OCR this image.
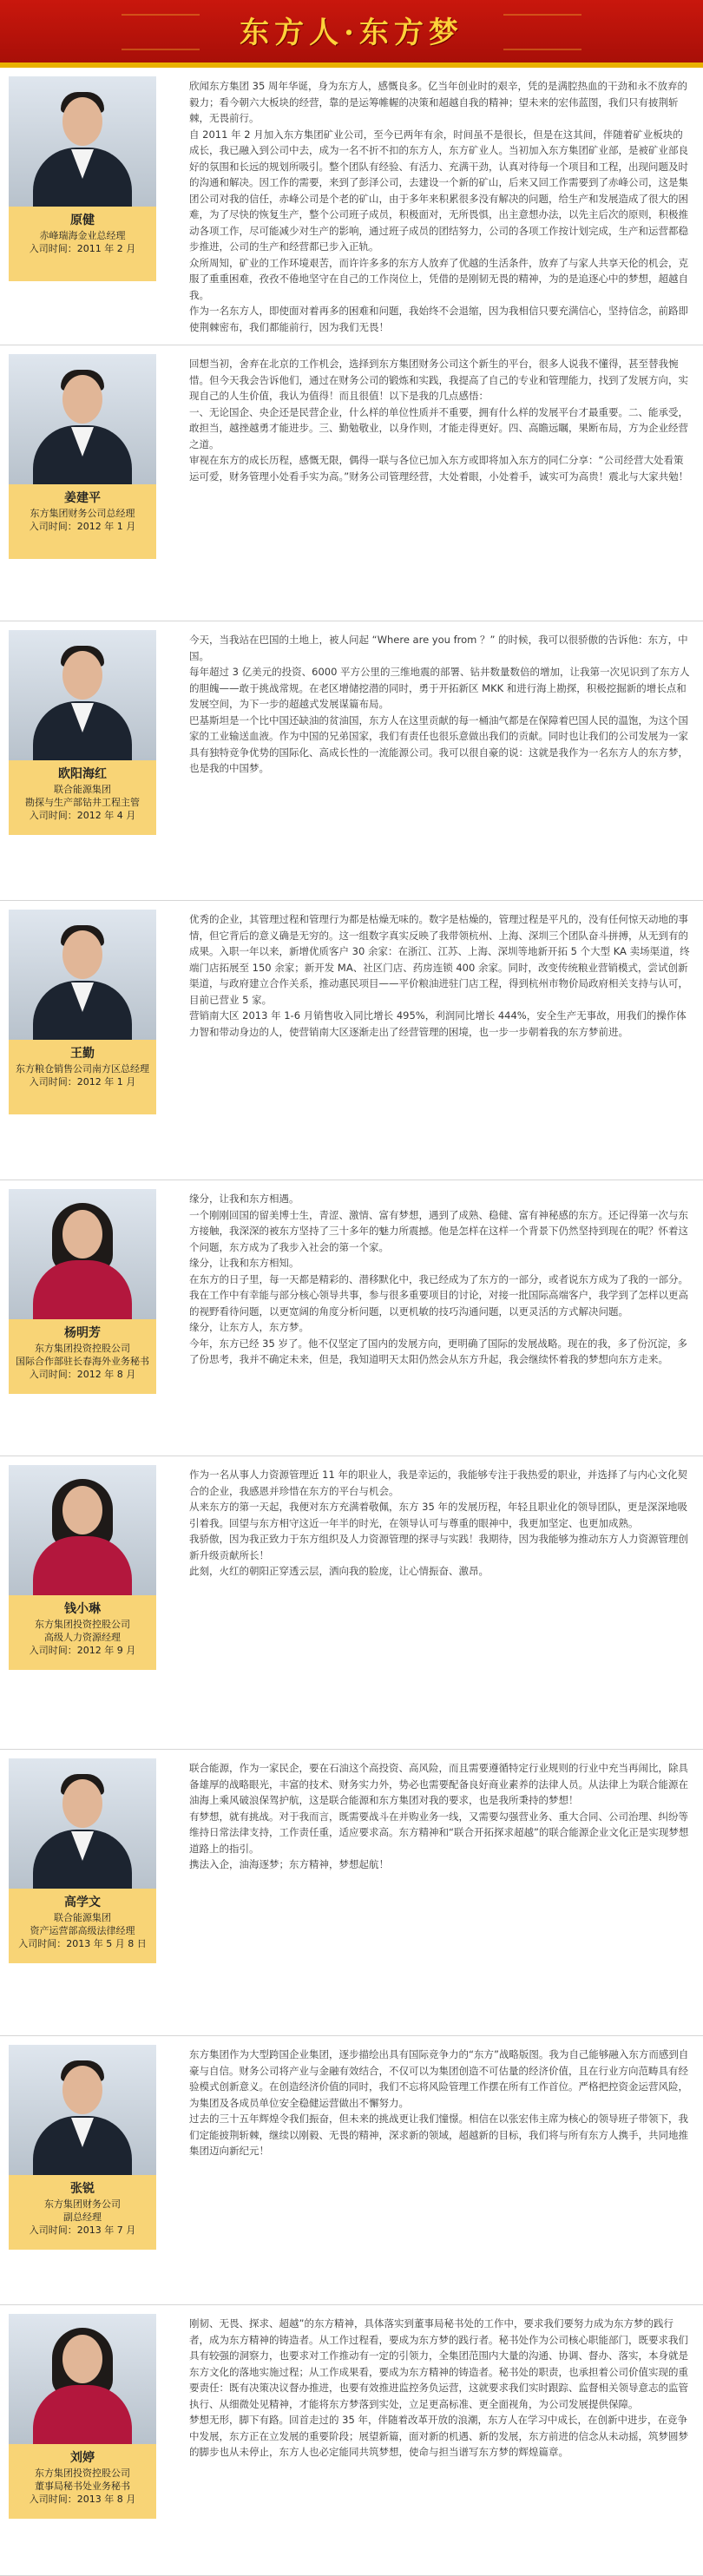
东方人·东方梦
原健
赤峰瑞海金业总经理
入司时间：2011 年 2 月

欣闻东方集团 35 周年华诞，身为东方人，感慨良多。亿当年创业时的艰辛，凭的是满腔热血的干劲和永不放弃的毅力；看今朝六大板块的经营，靠的是运筹帷幄的决策和超越自我的精神；望未来的宏伟蓝图，我们只有披荆斩棘，无畏前行。

自 2011 年 2 月加入东方集团矿业公司，至今已两年有余，时间虽不是很长，但是在这其间，伴随着矿业板块的成长，我已融入到公司中去，成为一名不折不扣的东方人，东方矿业人。当初加入东方集团矿业部，是被矿业部良好的氛围和长远的规划所吸引。整个团队有经验、有活力、充满干劲，认真对待每一个项目和工程，出现问题及时的沟通和解决。因工作的需要，来到了彭泽公司，去建设一个新的矿山，后来又回工作需要到了赤峰公司，这是集团公司对我的信任，赤峰公司是个老的矿山，由于多年来积累很多没有解决的问题，给生产和发展造成了很大的困难，为了尽快的恢复生产，整个公司班子成员，积极面对，无所畏惧，出主意想办法，以先主后次的原则，积极推动各项工作，尽可能减少对生产的影响，通过班子成员的团结努力，公司的各项工作按计划完成，生产和运营都稳步推进，公司的生产和经营都已步入正轨。

众所周知，矿业的工作环境艰苦，而许许多多的东方人放弃了优越的生活条件，放弃了与家人共享天伦的机会，克服了重重困难，孜孜不倦地坚守在自己的工作岗位上，凭借的是刚韧无畏的精神，为的是追逐心中的梦想，超越自我。

作为一名东方人，即使面对着再多的困难和问题，我始终不会退缩，因为我相信只要充满信心，坚持信念，前路即使荆棘密布，我们都能前行，因为我们无畏！

姜建平
东方集团财务公司总经理
入司时间：2012 年 1 月

回想当初，舍弃在北京的工作机会，选择到东方集团财务公司这个新生的平台，很多人说我不懂得，甚至替我惋惜。但今天我会告诉他们，通过在财务公司的锻炼和实践，我提高了自己的专业和管理能力，找到了发展方向，实现自己的人生价值，我认为值得！而且很值！以下是我的几点感悟：

一、无论国企、央企还是民营企业，什么样的单位性质并不重要，拥有什么样的发展平台才最重要。二、能承受，敢担当，越挫越勇才能进步。三、勤勉敬业，以身作则，才能走得更好。四、高瞻远瞩，果断布局，方为企业经营之道。

审视在东方的成长历程，感慨无限，偶得一联与各位已加入东方或即将加入东方的同仁分享：“公司经营大处看策运可爱，财务管理小处看手实为高。”财务公司管理经营，大处着眼，小处着手，诚实可为高贵！震北与大家共勉！

欧阳海红
联合能源集团
勘探与生产部钻井工程主管
入司时间：2012 年 4 月

今天，当我站在巴国的土地上，被人问起 “Where are you from ？” 的时候，我可以很骄傲的告诉他：东方，中国。

每年超过 3 亿美元的投资、6000 平方公里的三维地震的部署、钻井数量数倍的增加，让我第一次见识到了东方人的胆魄——敢于挑战常规。在老区增储挖潜的同时，勇于开拓新区 MKK 和进行海上勘探，积极挖掘新的增长点和发展空间，为下一步的超越式发展谋篇布局。

巴基斯坦是一个比中国还缺油的贫油国，东方人在这里贡献的每一桶油气都是在保障着巴国人民的温饱，为这个国家的工业输送血液。作为中国的兄弟国家，我们有责任也很乐意做出我们的贡献。同时也让我们的公司发展为一家具有独特竞争优势的国际化、高成长性的一流能源公司。我可以很自豪的说：这就是我作为一名东方人的东方梦，也是我的中国梦。

王勤
东方粮仓销售公司南方区总经理
入司时间：2012 年 1 月

优秀的企业，其管理过程和管理行为都是枯燥无味的。数字是枯燥的，管理过程是平凡的，没有任何惊天动地的事情，但它背后的意义确是无穷的。这一组数字真实反映了我带领杭州、上海、深圳三个团队奋斗拼搏，从无到有的成果。入职一年以来，新增优质客户 30 余家：在浙江、江苏、上海、深圳等地新开拓 5 个大型 KA 卖场渠道，终端门店拓展至 150 余家；新开发 MA、社区门店、药房连锁 400 余家。同时，改变传统粮业营销模式，尝试创新渠道，与政府建立合作关系，推动惠民项目——平价粮油进驻门店工程，得到杭州市物价局政府相关支持与认可，目前已营业 5 家。

营销南大区 2013 年 1-6 月销售收入同比增长 495%，利润同比增长 444%，安全生产无事故，用我们的操作体力智和带动身边的人，使营销南大区逐渐走出了经营管理的困境，也一步一步朝着我的东方梦前进。

杨明芳
东方集团投资控股公司
国际合作部驻长春海外业务秘书
入司时间：2012 年 8 月

缘分，让我和东方相遇。

一个刚刚回国的留美博士生，青涩、激情、富有梦想，遇到了成熟、稳健、富有神秘感的东方。还记得第一次与东方接触，我深深的被东方坚持了三十多年的魅力所震撼。他是怎样在这样一个背景下仍然坚持到现在的呢？怀着这个问题，东方成为了我步入社会的第一个家。

缘分，让我和东方相知。

在东方的日子里，每一天都是精彩的、潜移默化中，我已经成为了东方的一部分，或者说东方成为了我的一部分。我在工作中有幸能与部分核心领导共事，参与很多重要项目的讨论，对接一批国际高端客户，我学到了怎样以更高的视野看待问题，以更宽阔的角度分析问题，以更机敏的技巧沟通问题，以更灵活的方式解决问题。

缘分，让东方人，东方梦。

今年，东方已经 35 岁了。他不仅坚定了国内的发展方向，更明确了国际的发展战略。现在的我，多了份沉淀，多了份思考，我并不确定未来，但是，我知道明天太阳仍然会从东方升起，我会继续怀着我的梦想向东方走来。

钱小琳
东方集团投资控股公司
高级人力资源经理
入司时间：2012 年 9 月

作为一名从事人力资源管理近 11 年的职业人，我是幸运的，我能够专注于我热爱的职业，并选择了与内心文化契合的企业，我感恩并珍惜在东方的平台与机会。

从来东方的第一天起，我便对东方充满着敬佩，东方 35 年的发展历程，年轻且职业化的领导团队，更是深深地吸引着我。回望与东方相守这近一年半的时光，在领导认可与尊重的眼神中，我更加坚定、也更加成熟。

我骄傲，因为我正致力于东方组织及人力资源管理的探寻与实践！我期待，因为我能够为推动东方人力资源管理创新升级贡献所长！

此刻，火红的朝阳正穿透云层，洒向我的脸庞，让心情振奋、激昂。

高学文
联合能源集团
资产运营部高级法律经理
入司时间：2013 年 5 月 8 日

联合能源，作为一家民企，要在石油这个高投资、高风险，而且需要遵循特定行业规则的行业中充当再闹比，除具备雄厚的战略眼光，丰富的技术、财务实力外，势必也需要配备良好商业素养的法律人员。从法律上为联合能源在油海上乘风破浪保驾护航，这是联合能源和东方集团对我的要求，也是我所秉持的梦想！

有梦想，就有挑战。对于我而言，既需要战斗在并购业务一线，又需要勾强营业务、重大合同、公司治理、纠纷等维持日常法律支持，工作责任重，适应要求高。东方精神和“联合开拓探求超越”的联合能源企业文化正是实现梦想道路上的指引。

携法入企，油海逐梦；东方精神，梦想起航！

张锐
东方集团财务公司
副总经理
入司时间：2013 年 7 月

东方集团作为大型跨国企业集团，逐步描绘出具有国际竞争力的“东方”战略版图。我为自己能够融入东方而感到自豪与自信。财务公司将产业与金融有效结合，不仅可以为集团创造不可估量的经济价值，且在行业方向范畴具有经验模式创新意义。在创造经济价值的同时，我们不忘将风险管理工作摆在所有工作首位。严格把控资金运营风险，为集团及各成员单位安全稳健运营做出不懈努力。

过去的三十五年辉煌令我们振奋，但未来的挑战更让我们憧憬。相信在以张宏伟主席为核心的领导班子带领下，我们定能披荆斩棘，继续以刚毅、无畏的精神，深求新的领域，超越新的目标，我们将与所有东方人携手，共同地推集团迈向新纪元！

刘婷
东方集团投资控股公司
董事局秘书处业务秘书
入司时间：2013 年 8 月

刚韧、无畏、探求、超越”的东方精神，具体落实到董事局秘书处的工作中，要求我们要努力成为东方梦的践行者，成为东方精神的铸造者。从工作过程看，要成为东方梦的践行者。秘书处作为公司核心职能部门，既要求我们具有较强的洞察力，也要求对工作推动有一定的引领力，全集团范围内大量的沟通、协调、督办、落实，本身就是东方文化的落地实施过程；从工作成果看，要成为东方精神的铸造者。秘书处的职责，也承担着公司价值实现的重要责任：既有决策决议督办推进，也要有效推进监控务负运营，这就要求我们实时跟踪、监督相关领导意志的监管执行、从细微处见精神，才能将东方梦落到实处，立足更高标准、更全面视角，为公司发展提供保障。

梦想无形，脚下有路。回首走过的 35 年，伴随着改革开放的浪潮，东方人在学习中成长，在创新中进步，在竞争中发展，东方正在立发展的重要阶段；展望新篇，面对新的机遇、新的发展，东方前进的信念从未动摇，筑梦圆梦的脚步也从未停止，东方人也必定能同共筑梦想，使命与担当谱写东方梦的辉煌篇章。
